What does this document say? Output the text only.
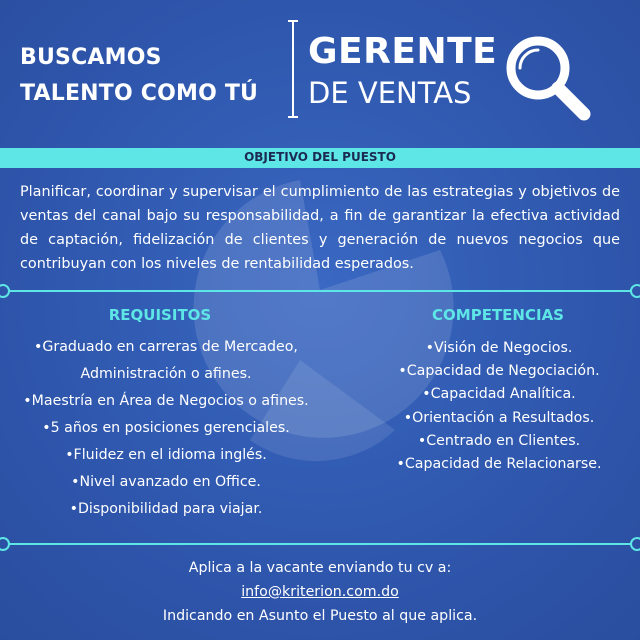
BUSCAMOS
TALENTO COMO TÚ
GERENTE
DE VENTAS
OBJETIVO DEL PUESTO
Planificar, coordinar y supervisar el cumplimiento de las estrategias y objetivos de ventas del canal bajo su responsabilidad, a fin de garantizar la efectiva actividad de captación, fidelización de clientes y generación de nuevos negocios que contribuyan con los niveles de rentabilidad esperados.
REQUISITOS	COMPETENCIAS
•Graduado en carreras de Mercadeo,
Administración o afines.
•Maestría en Área de Negocios o afines.
•5 años en posiciones gerenciales.
•Fluidez en el idioma inglés.
•Nivel avanzado en Office.
•Disponibilidad para viajar.
•Visión de Negocios.
•Capacidad de Negociación.
•Capacidad Analítica.
•Orientación a Resultados.
•Centrado en Clientes.
•Capacidad de Relacionarse.
Aplica a la vacante enviando tu cv a:
info@kriterion.com.do
Indicando en Asunto el Puesto al que aplica.
